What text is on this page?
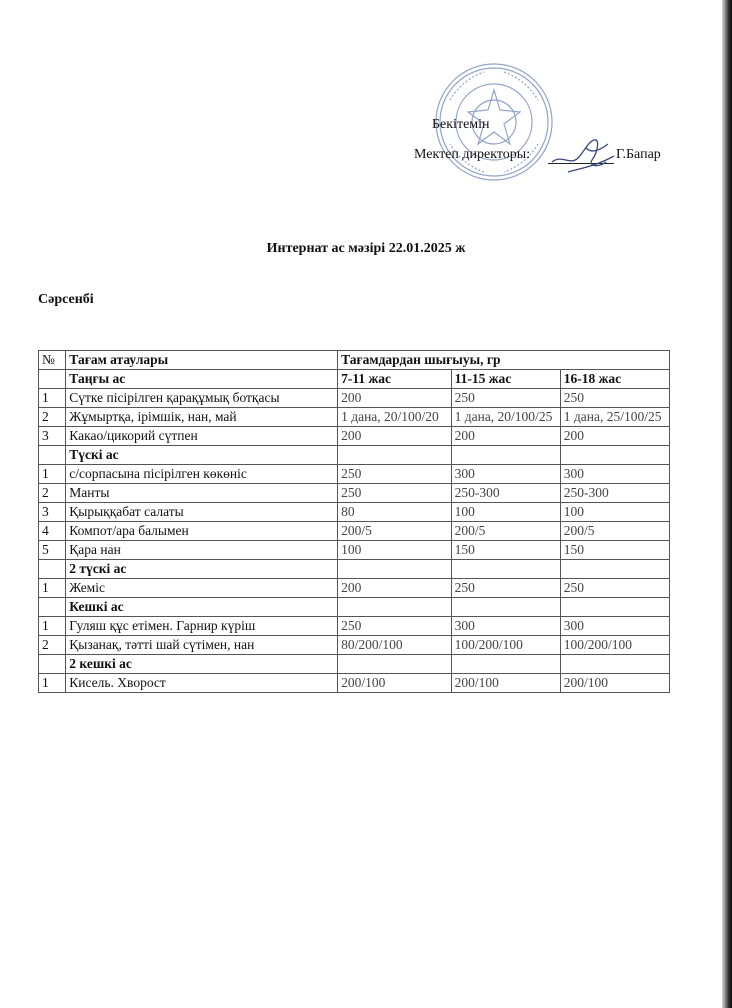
Бекітемін
Мектеп директоры:	Г.Бапар
Интернат ас мәзірі 22.01.2025 ж
Сәрсенбі
№	Тағам атаулары	Тағамдардан шығыуы, гр		
	Таңғы ас	7-11 жас	11-15 жас	16-18 жас
1	Сүтке пісірілген қарақұмық ботқасы	200	250	250
2	Жұмыртқа, ірімшік, нан, май	1 дана, 20/100/20	1 дана, 20/100/25	1 дана, 25/100/25
3	Какао/цикорий сүтпен	200	200	200
	Түскі ас			
1	с/сорпасына пісірілген көкөніс	250	300	300
2	Манты	250	250-300	250-300
3	Қырыққабат салаты	80	100	100
4	Компот/ара балымен	200/5	200/5	200/5
5	Қара нан	100	150	150
	2 түскі ас			
1	Жеміс	200	250	250
	Кешкі ас			
1	Гуляш құс етімен. Гарнир күріш	250	300	300
2	Қызанақ, тәтті шай сүтімен, нан	80/200/100	100/200/100	100/200/100
	2 кешкі ас			
1	Кисель. Хворост	200/100	200/100	200/100
